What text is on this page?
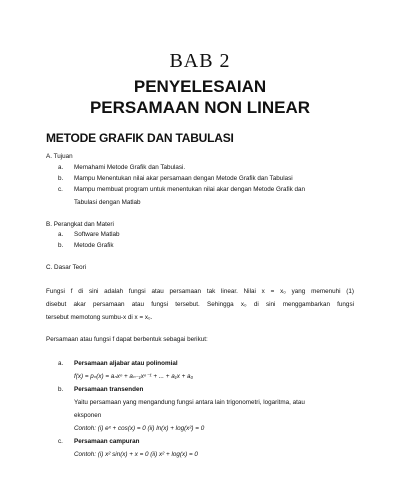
BAB 2
PENYELESAIAN
PERSAMAAN NON LINEAR
METODE GRAFIK DAN TABULASI
A. Tujuan
a. Memahami Metode Grafik dan Tabulasi.
b. Mampu Menentukan nilai akar persamaan dengan Metode Grafik dan Tabulasi
c. Mampu membuat program untuk menentukan nilai akar dengan Metode Grafik dan
Tabulasi dengan Matlab
B. Perangkat dan Materi
a. Software Matlab
b. Metode Grafik
C. Dasar Teori
Fungsi f di sini adalah fungsi atau persamaan tak linear. Nilai x = x₀ yang memenuhi (1)
disebut akar persamaan atau fungsi tersebut. Sehingga x₀ di sini menggambarkan fungsi
tersebut memotong sumbu-x di x = x₀.
Persamaan atau fungsi f dapat berbentuk sebagai berikut:
a. Persamaan aljabar atau polinomial
f(x) = pₙ(x) = aₙxⁿ + aₙ₋₁xⁿ⁻¹ + ... + a₁x + a₀
b. Persamaan transenden
Yaitu persamaan yang mengandung fungsi antara lain trigonometri, logaritma, atau
eksponen
Contoh: (i) eˣ + cos(x) = 0 (ii) ln(x) + log(x²) = 0
c. Persamaan campuran
Contoh: (i) x² sin(x) + x = 0 (ii) x² + log(x) = 0
